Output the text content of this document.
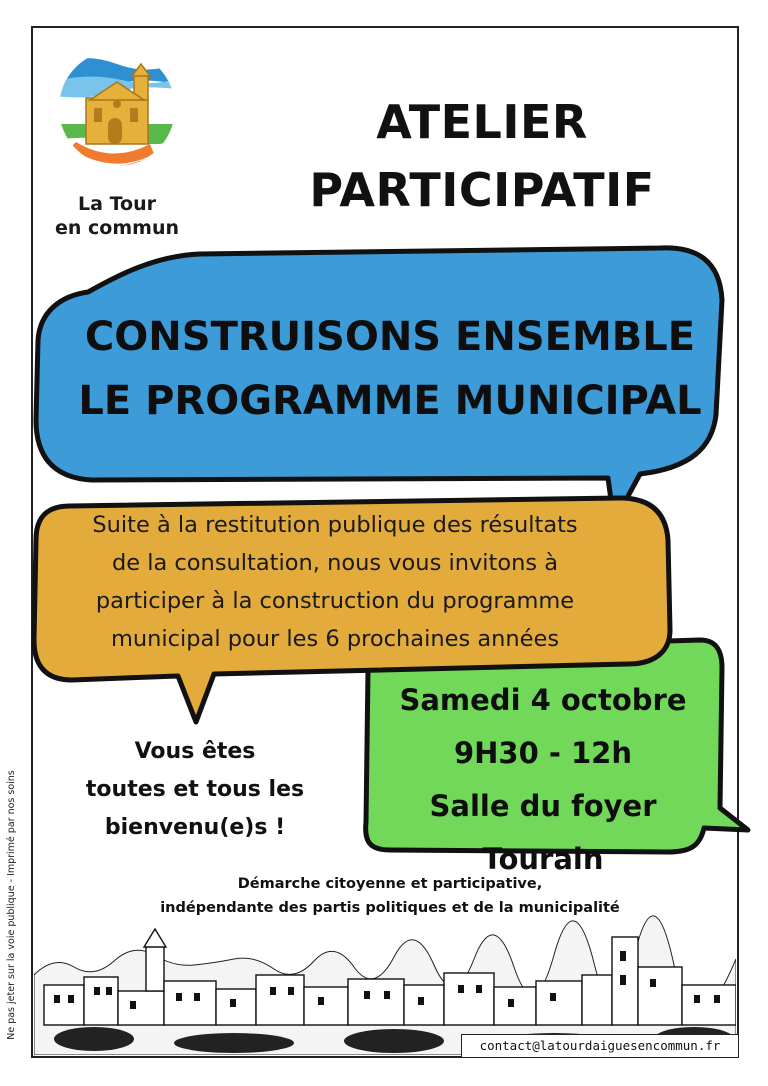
Ne pas jeter sur la voie publique - Imprimé par nos soins
La Tour
en commun
ATELIER
PARTICIPATIF
CONSTRUISONS ENSEMBLE
LE PROGRAMME MUNICIPAL
Suite à la restitution publique des résultats
de la consultation, nous vous invitons à
participer à la construction du programme
municipal pour les 6 prochaines années
Samedi 4 octobre
9H30 - 12h
Salle du foyer Tourain
Vous êtes
toutes et tous les
bienvenu(e)s !
Démarche citoyenne et participative,
indépendante des partis politiques et de la municipalité
contact@latourdaiguesencommun.fr
